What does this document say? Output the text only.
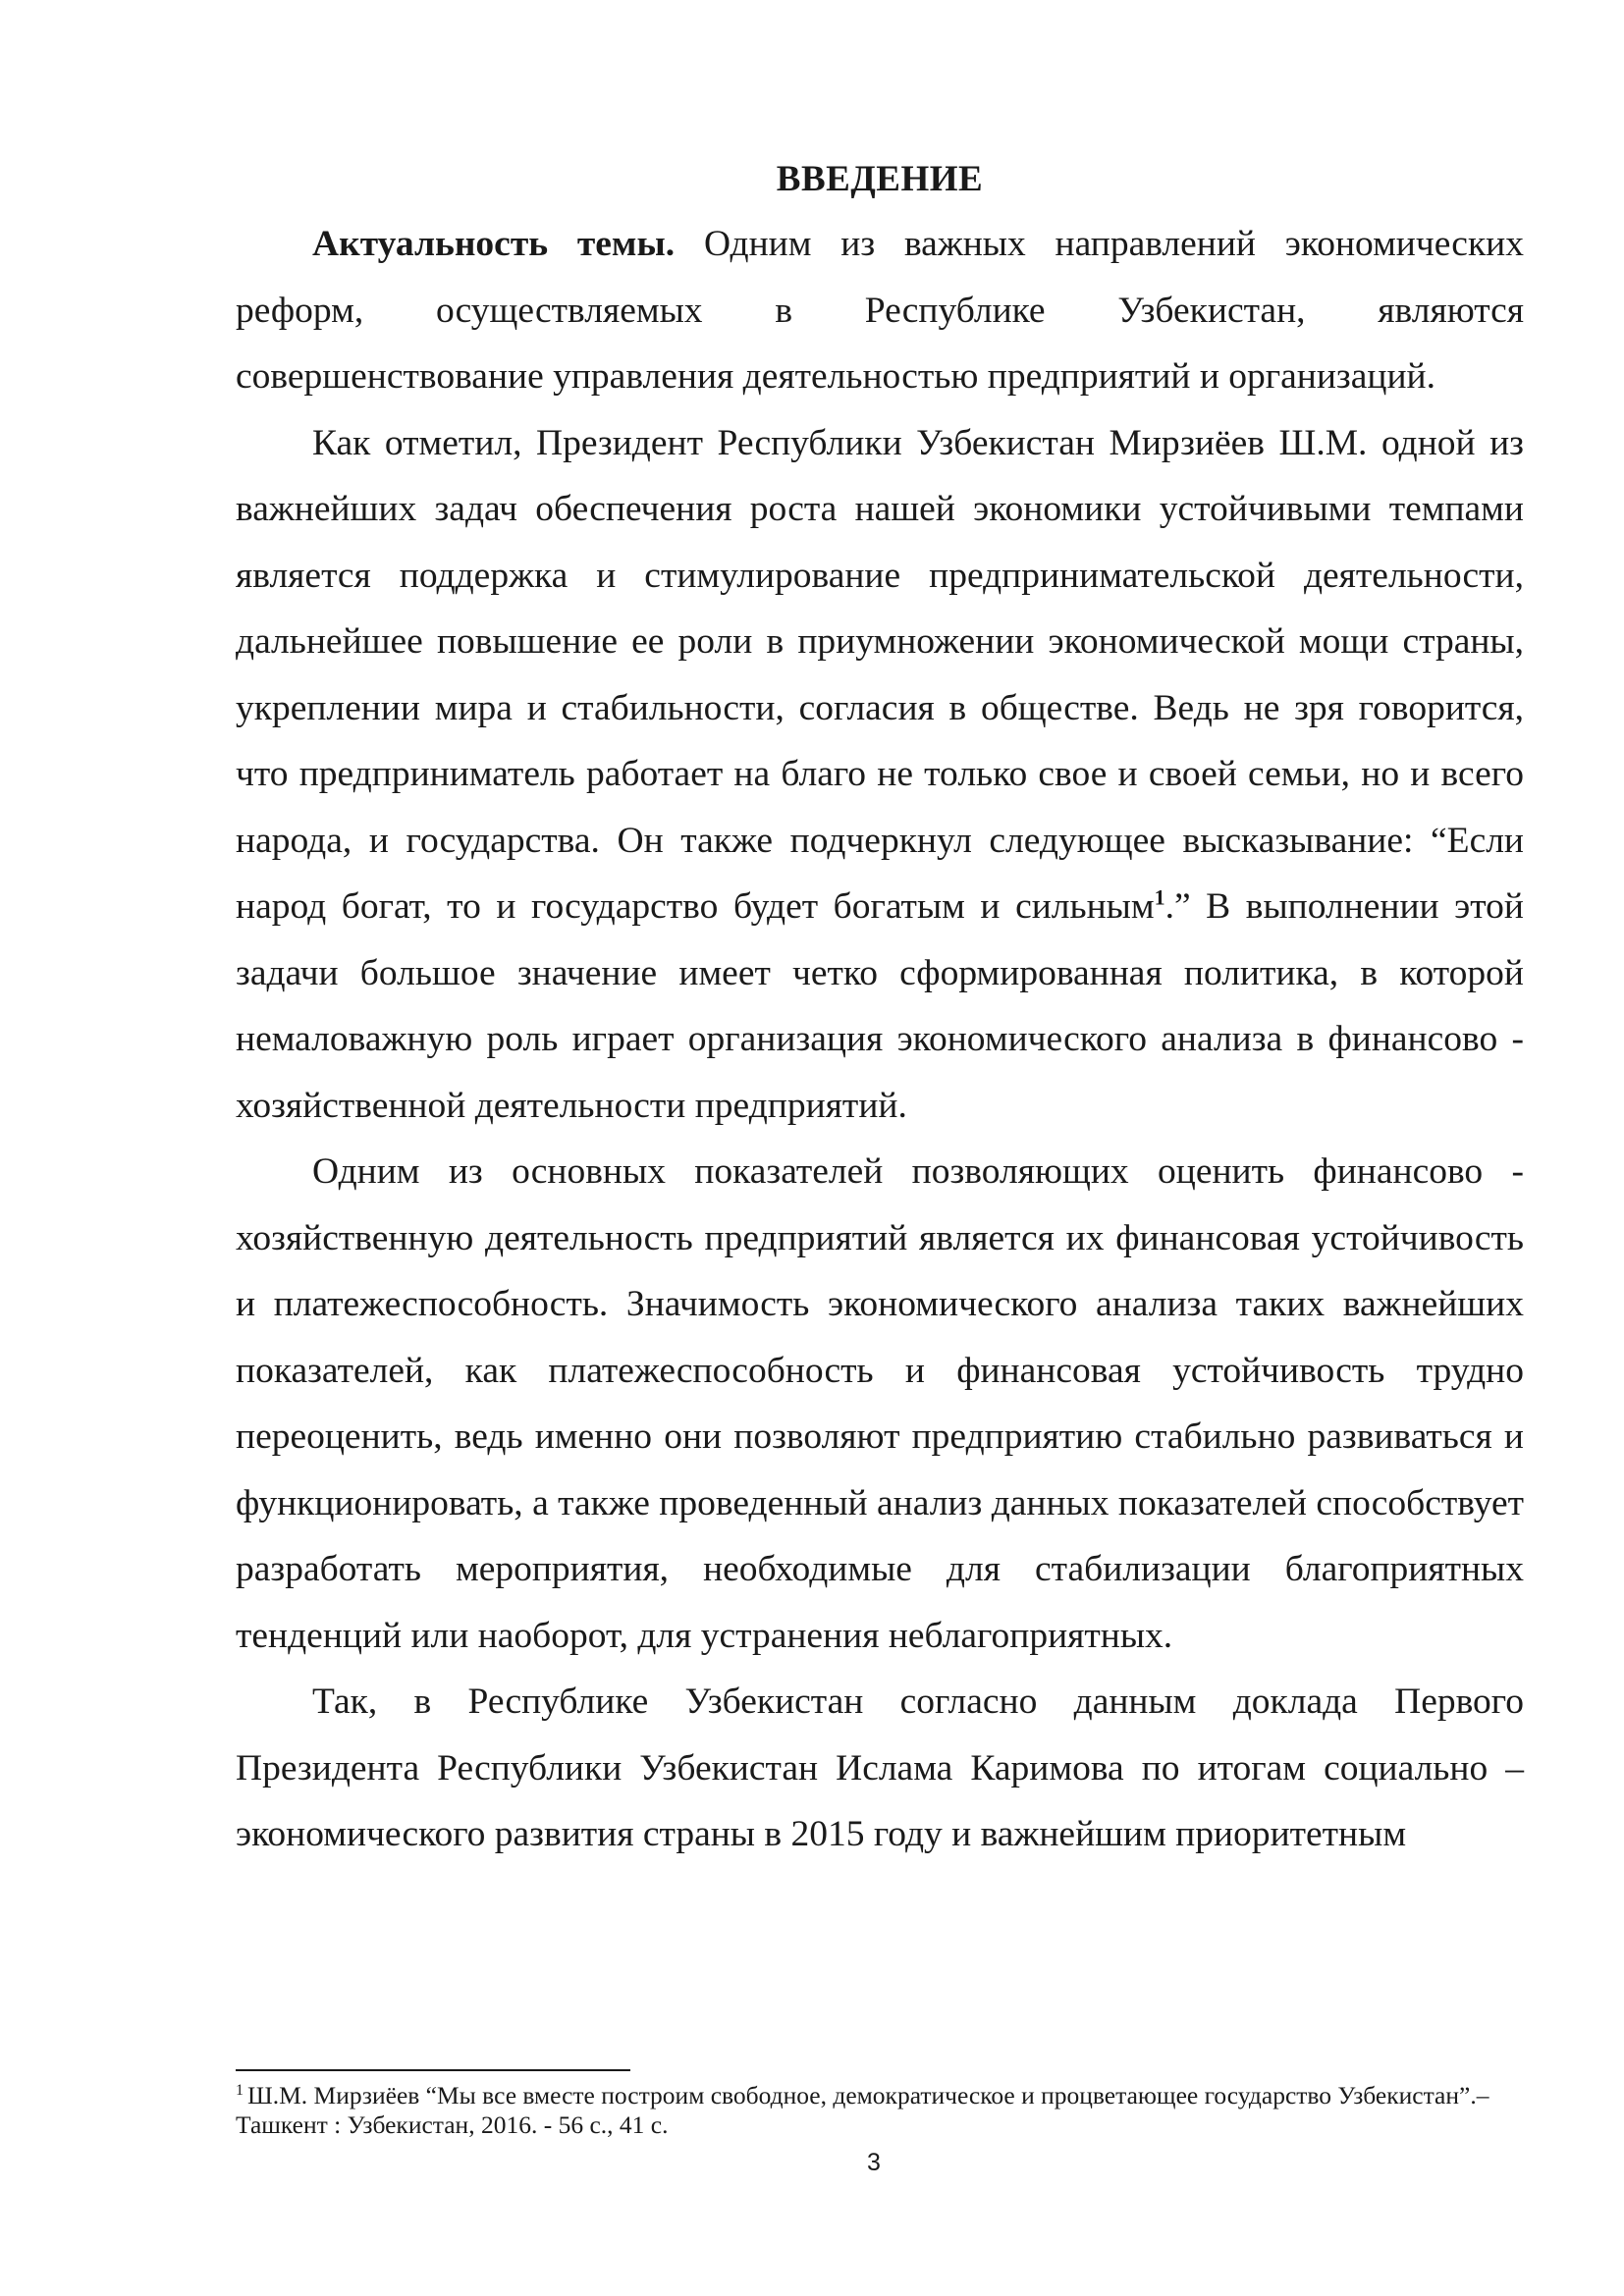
ВВЕДЕНИЕ

Актуальность темы. Одним из важных направлений экономических реформ, осуществляемых в Республике Узбекистан, являются совершенствование управления деятельностью предприятий и организаций.

Как отметил, Президент Республики Узбекистан Мирзиёев Ш.М. одной из важнейших задач обеспечения роста нашей экономики устойчивыми темпами является поддержка и стимулирование предпринимательской деятельности, дальнейшее повышение ее роли в приумножении экономической мощи страны, укреплении мира и стабильности, согласия в обществе. Ведь не зря говорится, что предприниматель работает на благо не только свое и своей семьи, но и всего народа, и государства. Он также подчеркнул следующее высказывание: “Если народ богат, то и государство будет богатым и сильным$^1$.” В выполнении этой задачи большое значение имеет четко сформированная политика, в которой немаловажную роль играет организация экономического анализа в финансово - хозяйственной деятельности предприятий.

Одним из основных показателей позволяющих оценить финансово - хозяйственную деятельность предприятий является их финансовая устойчивость и платежеспособность. Значимость экономического анализа таких важнейших показателей, как платежеспособность и финансовая устойчивость трудно переоценить, ведь именно они позволяют предприятию стабильно развиваться и функционировать, а также проведенный анализ данных показателей способствует разработать мероприятия, необходимые для стабилизации благоприятных тенденций или наоборот, для устранения неблагоприятных.

Так, в Республике Узбекистан согласно данным доклада Первого Президента Республики Узбекистан Ислама Каримова по итогам социально – экономического развития страны в 2015 году и важнейшим приоритетным

$^1$ Ш.М. Мирзиёев “Мы все вместе построим свободное, демократическое и процветающее государство Узбекистан”.– Ташкент : Узбекистан, 2016. - 56 с., 41 с.

3
